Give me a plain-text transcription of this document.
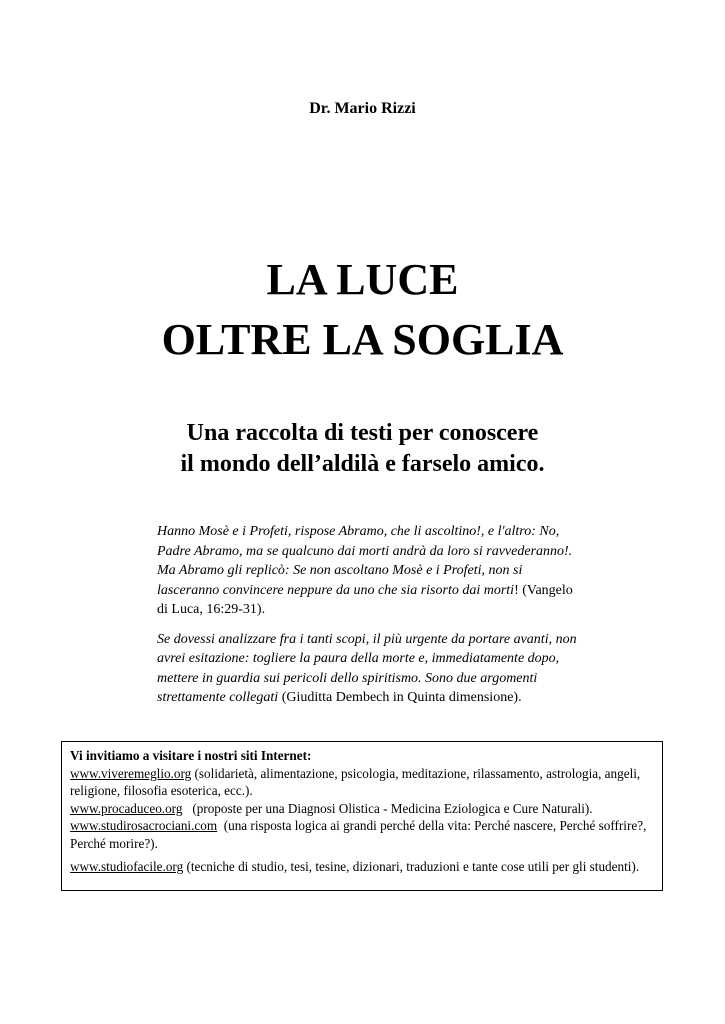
Dr. Mario Rizzi
LA LUCE
OLTRE LA SOGLIA
Una raccolta di testi per conoscere
il mondo dell’aldilà e farselo amico.

Hanno Mosè e i Profeti, rispose Abramo, che li ascoltino!, e l'altro: No, Padre Abramo, ma se qualcuno dai morti andrà da loro si ravvederanno!. Ma Abramo gli replicò: Se non ascoltano Mosè e i Profeti, non si lasceranno convincere neppure da uno che sia risorto dai morti! (Vangelo di Luca, 16:29-31).

Se dovessi analizzare fra i tanti scopi, il più urgente da portare avanti, non avrei esitazione: togliere la paura della morte e, immediatamente dopo, mettere in guardia sui pericoli dello spiritismo. Sono due argomenti strettamente collegati (Giuditta Dembech in Quinta dimensione).

Vi invitiamo a visitare i nostri siti Internet:
www.viveremeglio.org (solidarietà, alimentazione, psicologia, meditazione, rilassamento, astrologia, angeli, religione, filosofia esoterica, ecc.).
www.procaduceo.org   (proposte per una Diagnosi Olistica - Medicina Eziologica e Cure Naturali).
www.studirosacrociani.com  (una risposta logica ai grandi perché della vita: Perché nascere, Perché soffrire?, Perché morire?).
www.studiofacile.org (tecniche di studio, tesi, tesine, dizionari, traduzioni e tante cose utili per gli studenti).
